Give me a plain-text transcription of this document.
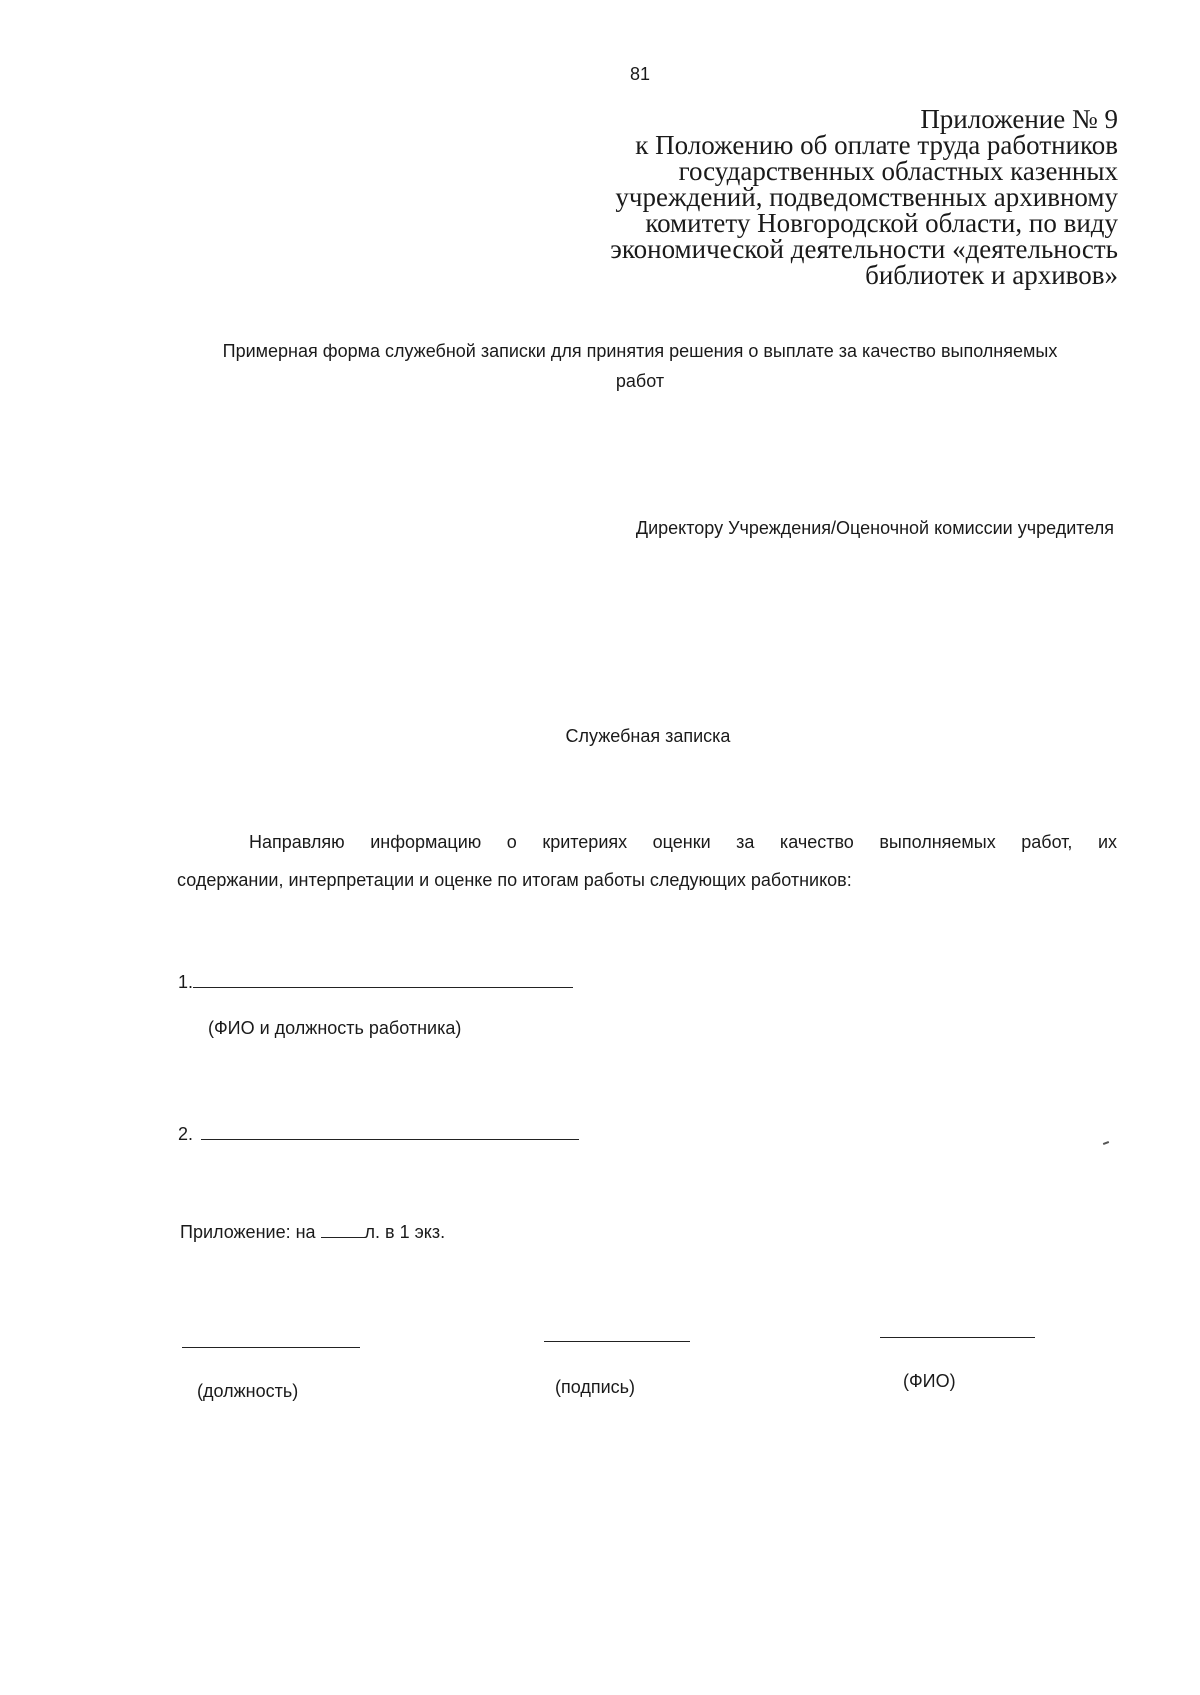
81
Приложение № 9
к Положению об оплате труда работников
государственных областных казенных
учреждений, подведомственных архивному
комитету Новгородской области, по виду
экономической деятельности «деятельность
библиотек и архивов»
Примерная форма служебной записки для принятия решения о выплате за качество выполняемых
работ
Директору Учреждения/Оценочной комиссии учредителя
Служебная записка
Направляю информацию о критериях оценки за качество выполняемых работ, их
содержании, интерпретации и оценке по итогам работы следующих работников:
1.
(ФИО и должность работника)
2.
Приложение: на	л. в 1 экз.
(должность)	(подпись)	(ФИО)
